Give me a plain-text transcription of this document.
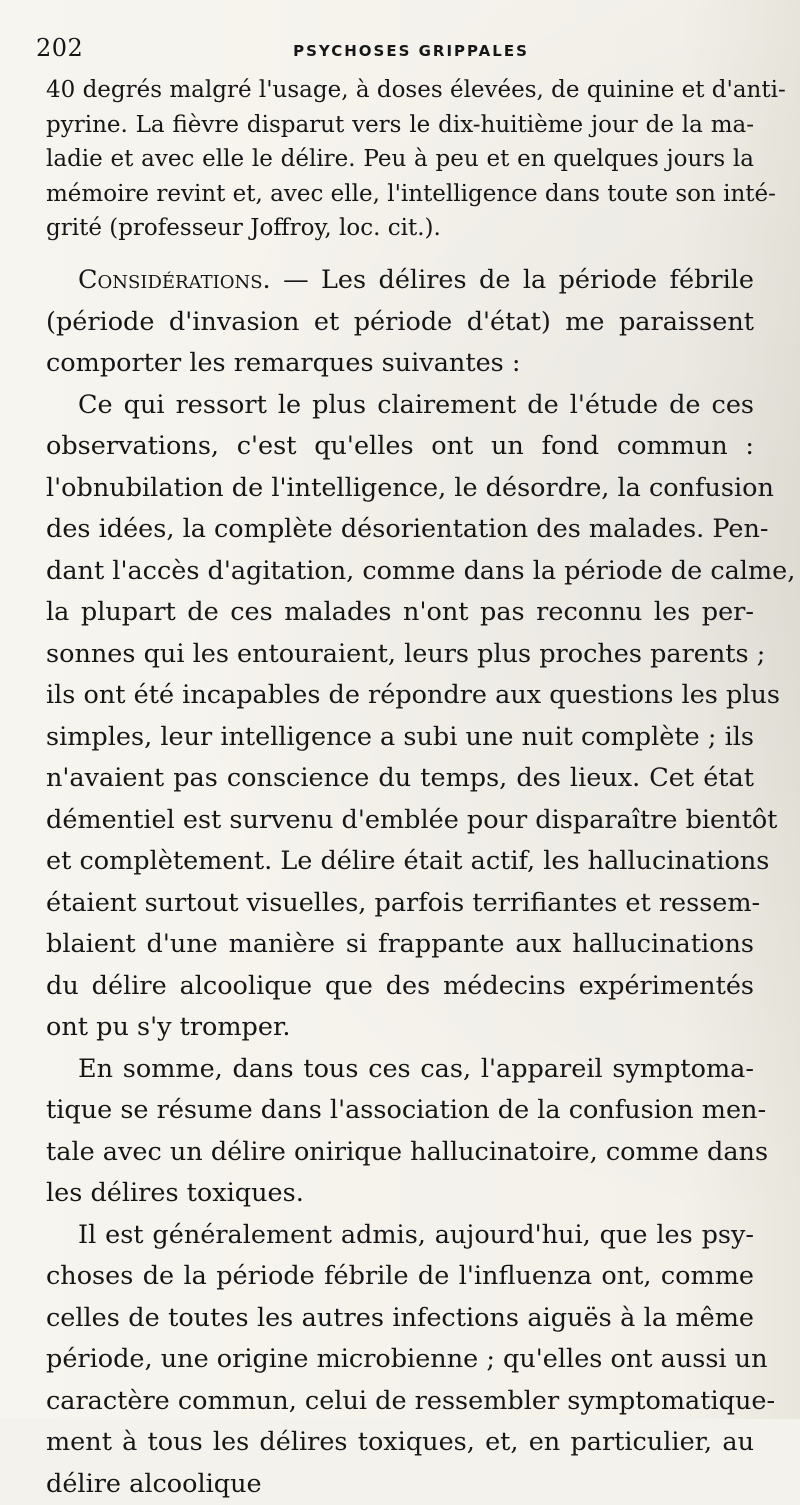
202	PSYCHOSES GRIPPALES
40 degrés malgré l'usage, à doses élevées, de quinine et d'anti-
pyrine. La fièvre disparut vers le dix-huitième jour de la ma-
ladie et avec elle le délire. Peu à peu et en quelques jours la
mémoire revint et, avec elle, l'intelligence dans toute son inté-
grité (professeur Joffroy, loc. cit.).
Considérations. — Les délires de la période fébrile
(période d'invasion et période d'état) me paraissent
comporter les remarques suivantes :
Ce qui ressort le plus clairement de l'étude de ces
observations, c'est qu'elles ont un fond commun :
l'obnubilation de l'intelligence, le désordre, la confusion
des idées, la complète désorientation des malades. Pen-
dant l'accès d'agitation, comme dans la période de calme,
la plupart de ces malades n'ont pas reconnu les per-
sonnes qui les entouraient, leurs plus proches parents ;
ils ont été incapables de répondre aux questions les plus
simples, leur intelligence a subi une nuit complète ; ils
n'avaient pas conscience du temps, des lieux. Cet état
démentiel est survenu d'emblée pour disparaître bientôt
et complètement. Le délire était actif, les hallucinations
étaient surtout visuelles, parfois terrifiantes et ressem-
blaient d'une manière si frappante aux hallucinations
du délire alcoolique que des médecins expérimentés
ont pu s'y tromper.
En somme, dans tous ces cas, l'appareil symptoma-
tique se résume dans l'association de la confusion men-
tale avec un délire onirique hallucinatoire, comme dans
les délires toxiques.
Il est généralement admis, aujourd'hui, que les psy-
choses de la période fébrile de l'influenza ont, comme
celles de toutes les autres infections aiguës à la même
période, une origine microbienne ; qu'elles ont aussi un
caractère commun, celui de ressembler symptomatique-
ment à tous les délires toxiques, et, en particulier, au
délire alcoolique
